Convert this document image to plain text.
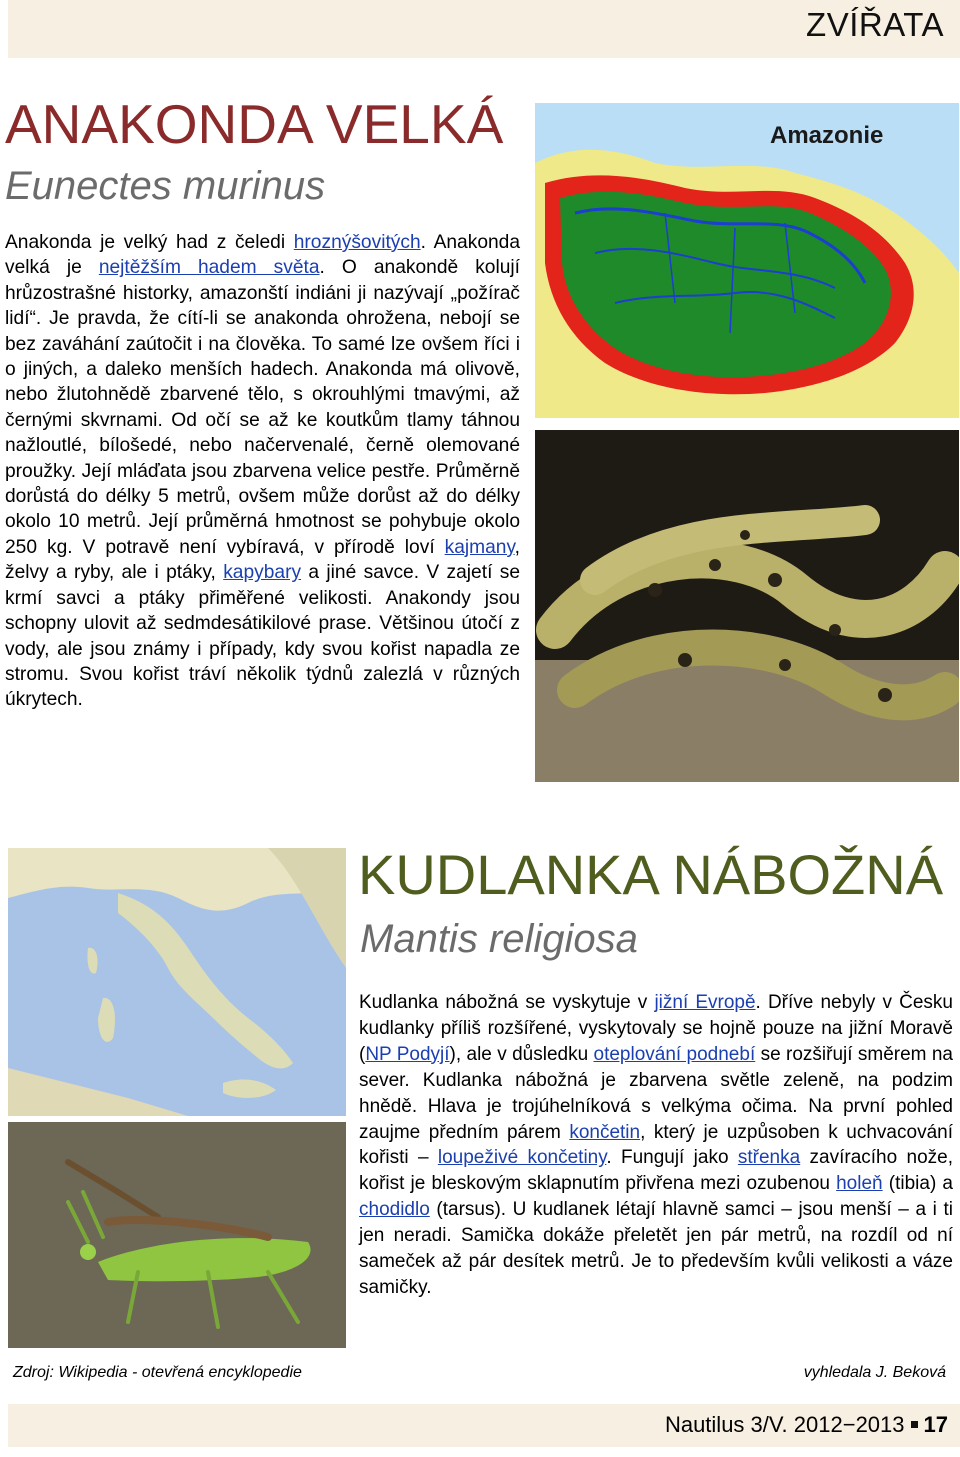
ZVÍŘATA
ANAKONDA VELKÁ
Eunectes murinus
Anakonda je velký had z čeledi hroznýšovitých. Anakonda velká je nejtěžším hadem světa. O anakondě kolují hrůzostrašné historky, amazonští indiáni ji nazývají „požírač lidí“. Je pravda, že cítí-li se anakonda ohrožena, nebojí se bez zaváhání zaútočit i na člověka. To samé lze ovšem říci i o jiných, a daleko menších hadech. Anakonda má olivově, nebo žlutohnědě zbarvené tělo, s okrouhlými tmavými, až černými skvrnami. Od očí se až ke koutkům tlamy táhnou nažloutlé, bílošedé, nebo načervenalé, černě olemované proužky. Její mláďata jsou zbarvena velice pestře. Průměrně dorůstá do délky 5 metrů, ovšem může dorůst až do délky okolo 10 metrů. Její průměrná hmotnost se pohybuje okolo 250 kg. V potravě není vybíravá, v přírodě loví kajmany, želvy a ryby, ale i ptáky, kapybary a jiné savce. V zajetí se krmí savci a ptáky přiměřené velikosti. Anakondy jsou schopny ulovit až sedmdesátikilové prase. Většinou útočí z vody, ale jsou známy i případy, kdy svou kořist napadla ze stromu. Svou kořist tráví několik týdnů zalezlá v různých úkrytech.
Amazonie
KUDLANKA NÁBOŽNÁ
Mantis religiosa
Kudlanka nábožná se vyskytuje v jižní Evropě. Dříve nebyly v Česku kudlanky příliš rozšířené, vyskytovaly se hojně pouze na jižní Moravě (NP Podyjí), ale v důsledku oteplování podnebí se rozšiřují směrem na sever. Kudlanka nábožná je zbarvena světle zeleně, na podzim hnědě. Hlava je trojúhelníková s velkýma očima. Na první pohled zaujme předním párem končetin, který je uzpůsoben k uchvacování kořisti – loupeživé končetiny. Fungují jako střenka zavíracího nože, kořist je bleskovým sklapnutím přivřena mezi ozubenou holeň (tibia) a chodidlo (tarsus). U kudlanek létají hlavně samci – jsou menší – a i ti jen neradi. Samička dokáže přeletět jen pár metrů, na rozdíl od ní sameček až pár desítek metrů. Je to především kvůli velikosti a váze samičky.
Zdroj: Wikipedia - otevřená encyklopedie	vyhledala J. Beková
Nautilus 3/V. 2012−2013 17
